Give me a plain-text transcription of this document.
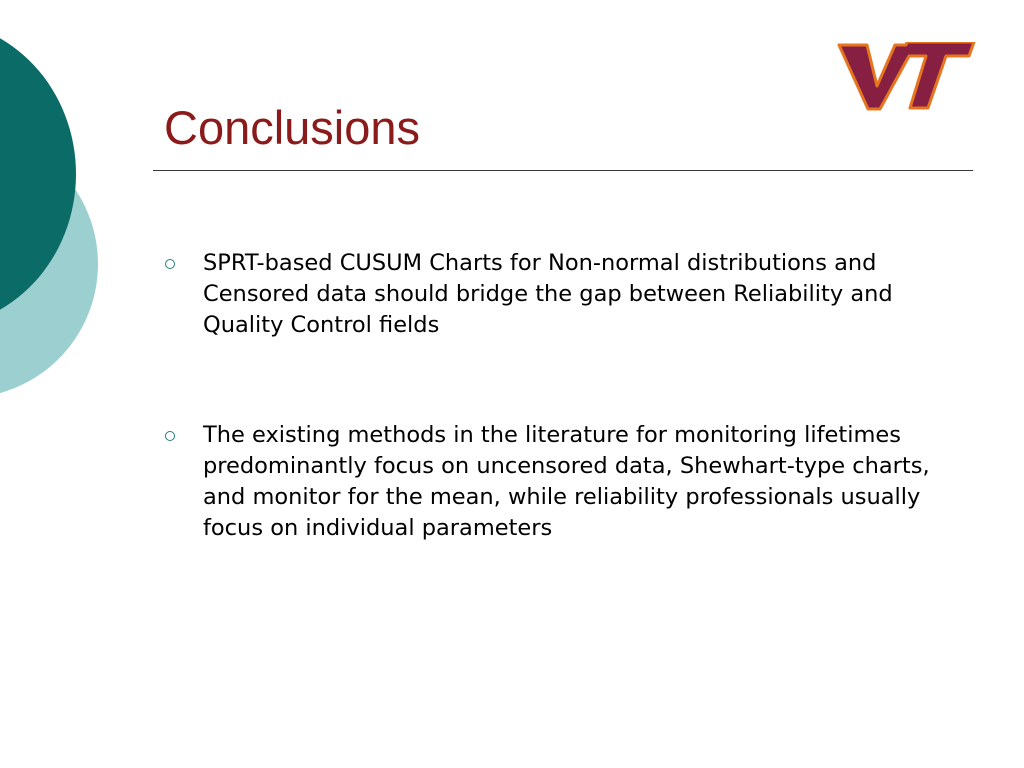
Conclusions
SPRT-based CUSUM Charts for Non-normal distributions and Censored data should bridge the gap between Reliability and Quality Control fields
The existing methods in the literature for monitoring lifetimes predominantly focus on uncensored data, Shewhart-type charts, and monitor for the mean, while reliability professionals usually focus on individual parameters
